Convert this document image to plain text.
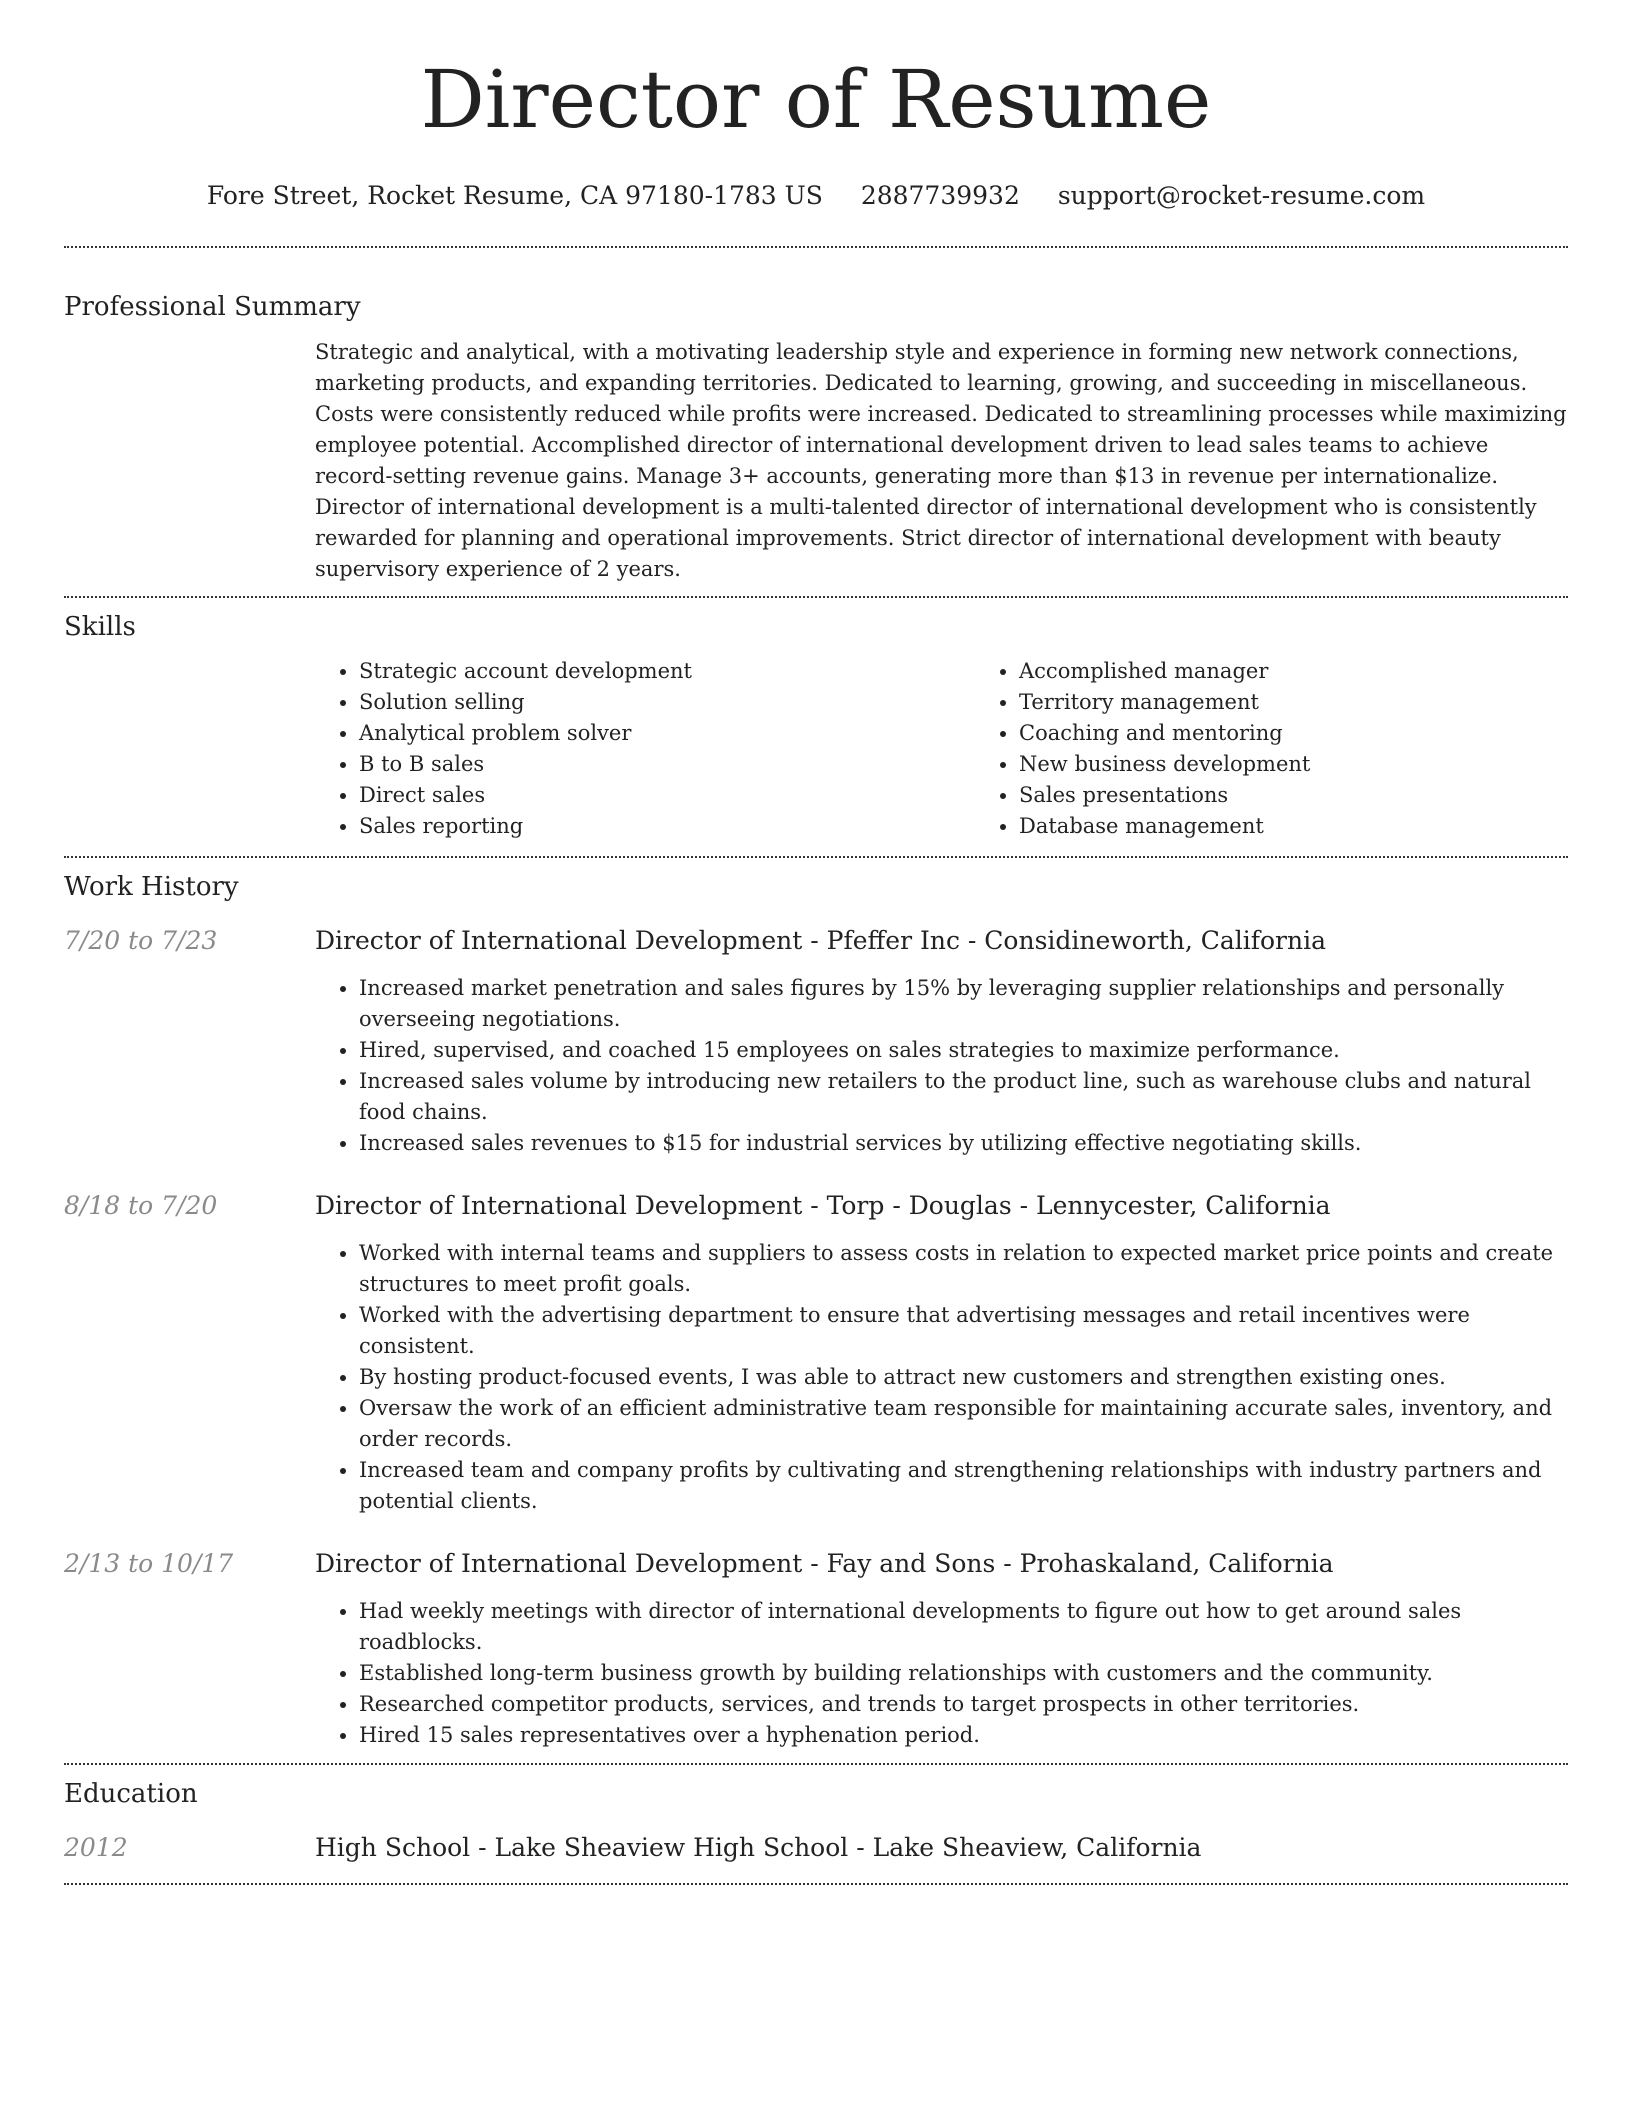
Director of Resume
Fore Street, Rocket Resume, CA 97180-1783 US 2887739932 support@rocket-resume.com
Professional Summary

Strategic and analytical, with a motivating leadership style and experience in forming new network connections, marketing products, and expanding territories. Dedicated to learning, growing, and succeeding in miscellaneous. Costs were consistently reduced while profits were increased. Dedicated to streamlining processes while maximizing employee potential. Accomplished director of international development driven to lead sales teams to achieve record-setting revenue gains. Manage 3+ accounts, generating more than $13 in revenue per internationalize. Director of international development is a multi-talented director of international development who is consistently rewarded for planning and operational improvements. Strict director of international development with beauty supervisory experience of 2 years.

Skills
• Strategic account development
• Solution selling
• Analytical problem solver
• B to B sales
• Direct sales
• Sales reporting
• Accomplished manager
• Territory management
• Coaching and mentoring
• New business development
• Sales presentations
• Database management
Work History
7/20 to 7/23	Director of International Development - Pfeffer Inc - Considineworth, California
• Increased market penetration and sales figures by 15% by leveraging supplier relationships and personally overseeing negotiations.
• Hired, supervised, and coached 15 employees on sales strategies to maximize performance.
• Increased sales volume by introducing new retailers to the product line, such as warehouse clubs and natural food chains.
• Increased sales revenues to $15 for industrial services by utilizing effective negotiating skills.
8/18 to 7/20	Director of International Development - Torp - Douglas - Lennycester, California
• Worked with internal teams and suppliers to assess costs in relation to expected market price points and create structures to meet profit goals.
• Worked with the advertising department to ensure that advertising messages and retail incentives were consistent.
• By hosting product-focused events, I was able to attract new customers and strengthen existing ones.
• Oversaw the work of an efficient administrative team responsible for maintaining accurate sales, inventory, and order records.
• Increased team and company profits by cultivating and strengthening relationships with industry partners and potential clients.
2/13 to 10/17	Director of International Development - Fay and Sons - Prohaskaland, California
• Had weekly meetings with director of international developments to figure out how to get around sales roadblocks.
• Established long-term business growth by building relationships with customers and the community.
• Researched competitor products, services, and trends to target prospects in other territories.
• Hired 15 sales representatives over a hyphenation period.
Education
2012	High School - Lake Sheaview High School - Lake Sheaview, California
